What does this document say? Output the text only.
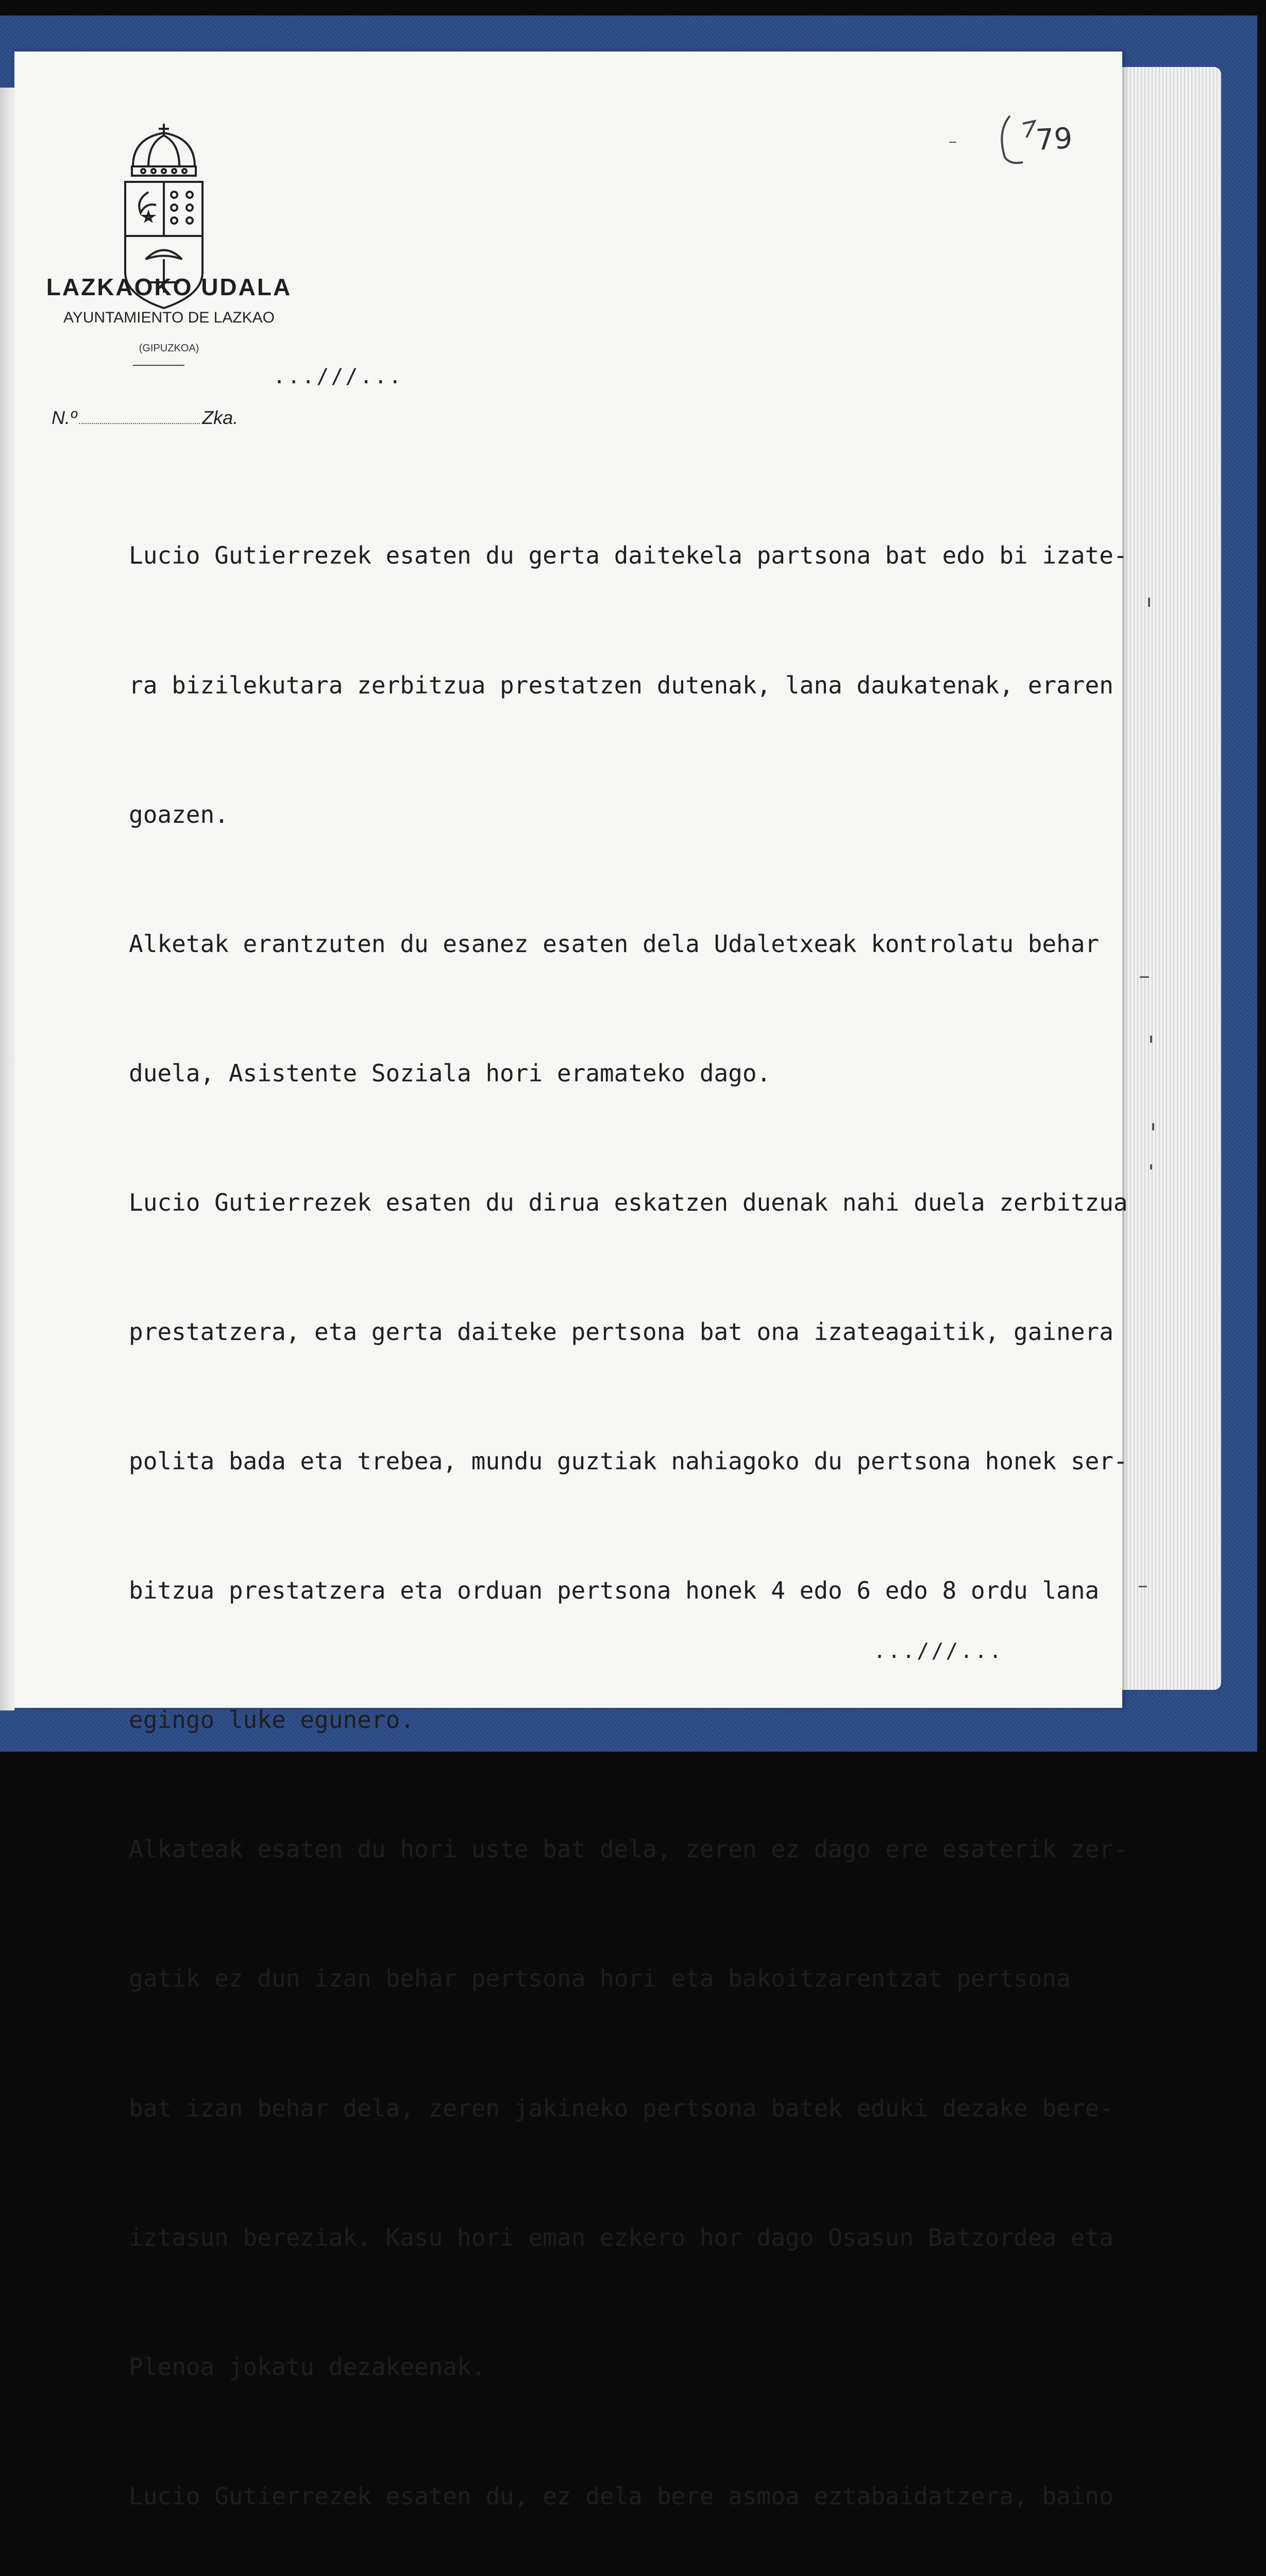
LAZKAOKO UDALA
AYUNTAMIENTO DE LAZKAO
(GIPUZKOA)
...///...
N.º	Zka.
79

Lucio Gutierrezek esaten du gerta daitekela partsona bat edo bi izate-

ra bizilekutara zerbitzua prestatzen dutenak, lana daukatenak, eraren

goazen.

Alketak erantzuten du esanez esaten dela Udaletxeak kontrolatu behar

duela, Asistente Soziala hori eramateko dago.

Lucio Gutierrezek esaten du dirua eskatzen duenak nahi duela zerbitzua

prestatzera, eta gerta daiteke pertsona bat ona izateagaitik, gainera

polita bada eta trebea, mundu guztiak nahiagoko du pertsona honek ser-

bitzua prestatzera eta orduan pertsona honek 4 edo 6 edo 8 ordu lana

egingo luke egunero.

Alkateak esaten du hori uste bat dela, zeren ez dago ere esaterik zer-

gatik ez dun izan behar pertsona hori eta bakoitzarentzat pertsona

bat izan behar dela, zeren jakineko pertsona batek eduki dezake bere-

iztasun bereziak. Kasu hori eman ezkero hor dago Osasun Batzordea eta

Plenoa jokatu dezakeenak.

Lucio Gutierrezek esaten du, ez dela bere asmoa eztabaidatzera, baino

...///...
